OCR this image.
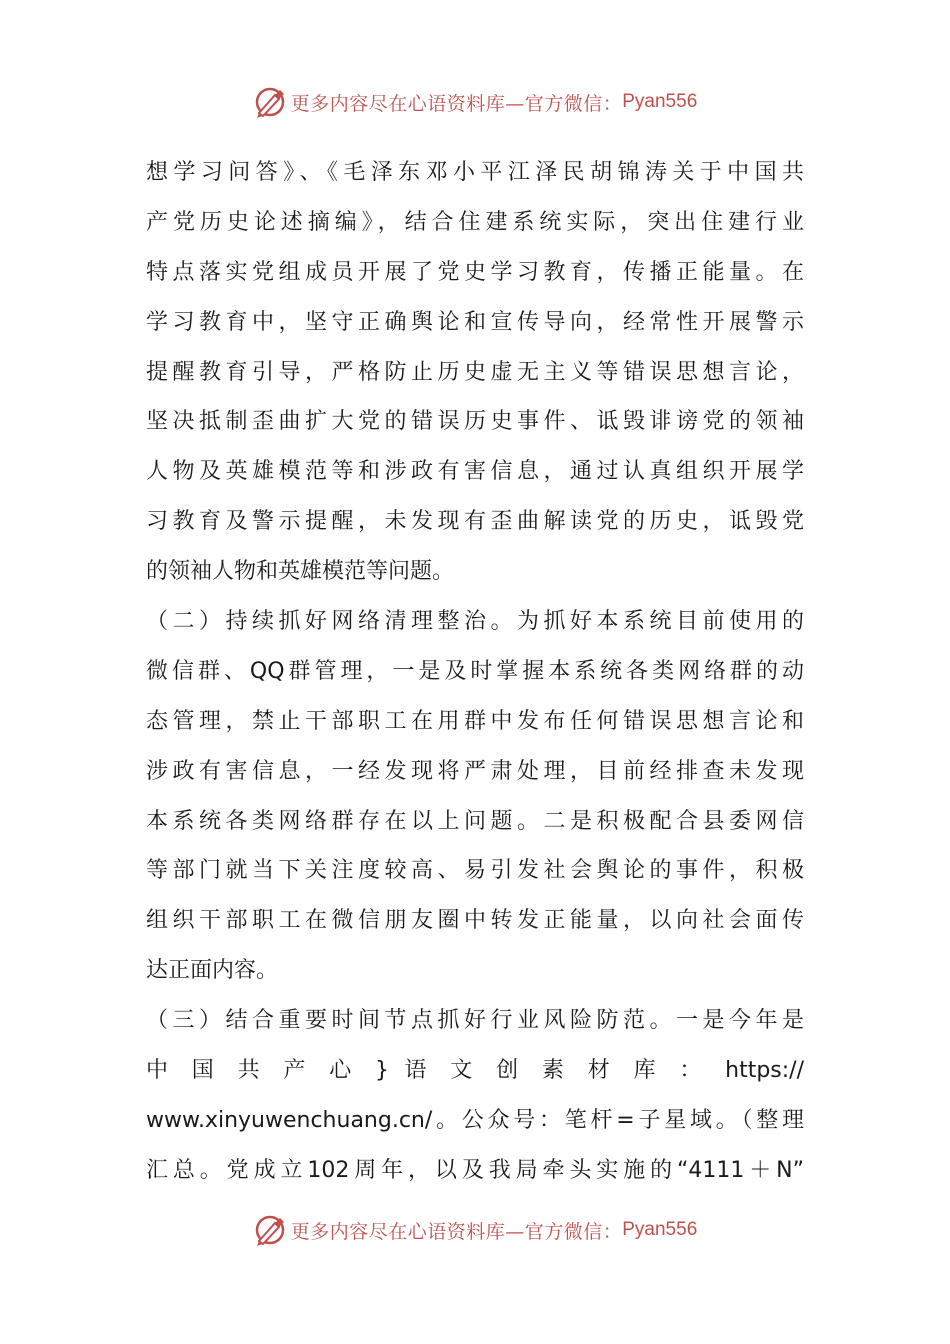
更多内容尽在心语资料库—官方微信： Pyan556
想学习问答》、《毛泽东邓小平江泽民胡锦涛关于中国共
产党历史论述摘编》，结合住建系统实际，突出住建行业
特点落实党组成员开展了党史学习教育，传播正能量。在
学习教育中，坚守正确舆论和宣传导向，经常性开展警示
提醒教育引导，严格防止历史虚无主义等错误思想言论，
坚决抵制歪曲扩大党的错误历史事件、诋毁诽谤党的领袖
人物及英雄模范等和涉政有害信息，通过认真组织开展学
习教育及警示提醒，未发现有歪曲解读党的历史，诋毁党
的领袖人物和英雄模范等问题。
（二）持续抓好网络清理整治。为抓好本系统目前使用的
微信群、QQ群管理，一是及时掌握本系统各类网络群的动
态管理，禁止干部职工在用群中发布任何错误思想言论和
涉政有害信息，一经发现将严肃处理，目前经排查未发现
本系统各类网络群存在以上问题。二是积极配合县委网信
等部门就当下关注度较高、易引发社会舆论的事件，积极
组织干部职工在微信朋友圈中转发正能量，以向社会面传
达正面内容。
（三）结合重要时间节点抓好行业风险防范。一是今年是
中 国 共 产 心 } 语 文 创 素 材 库 ： https://
www.xinyuwenchuang.cn/。公众号：笔杆=子星域。（整理
汇总。党成立102周年，以及我局牵头实施的“4111＋N”
更多内容尽在心语资料库—官方微信： Pyan556
